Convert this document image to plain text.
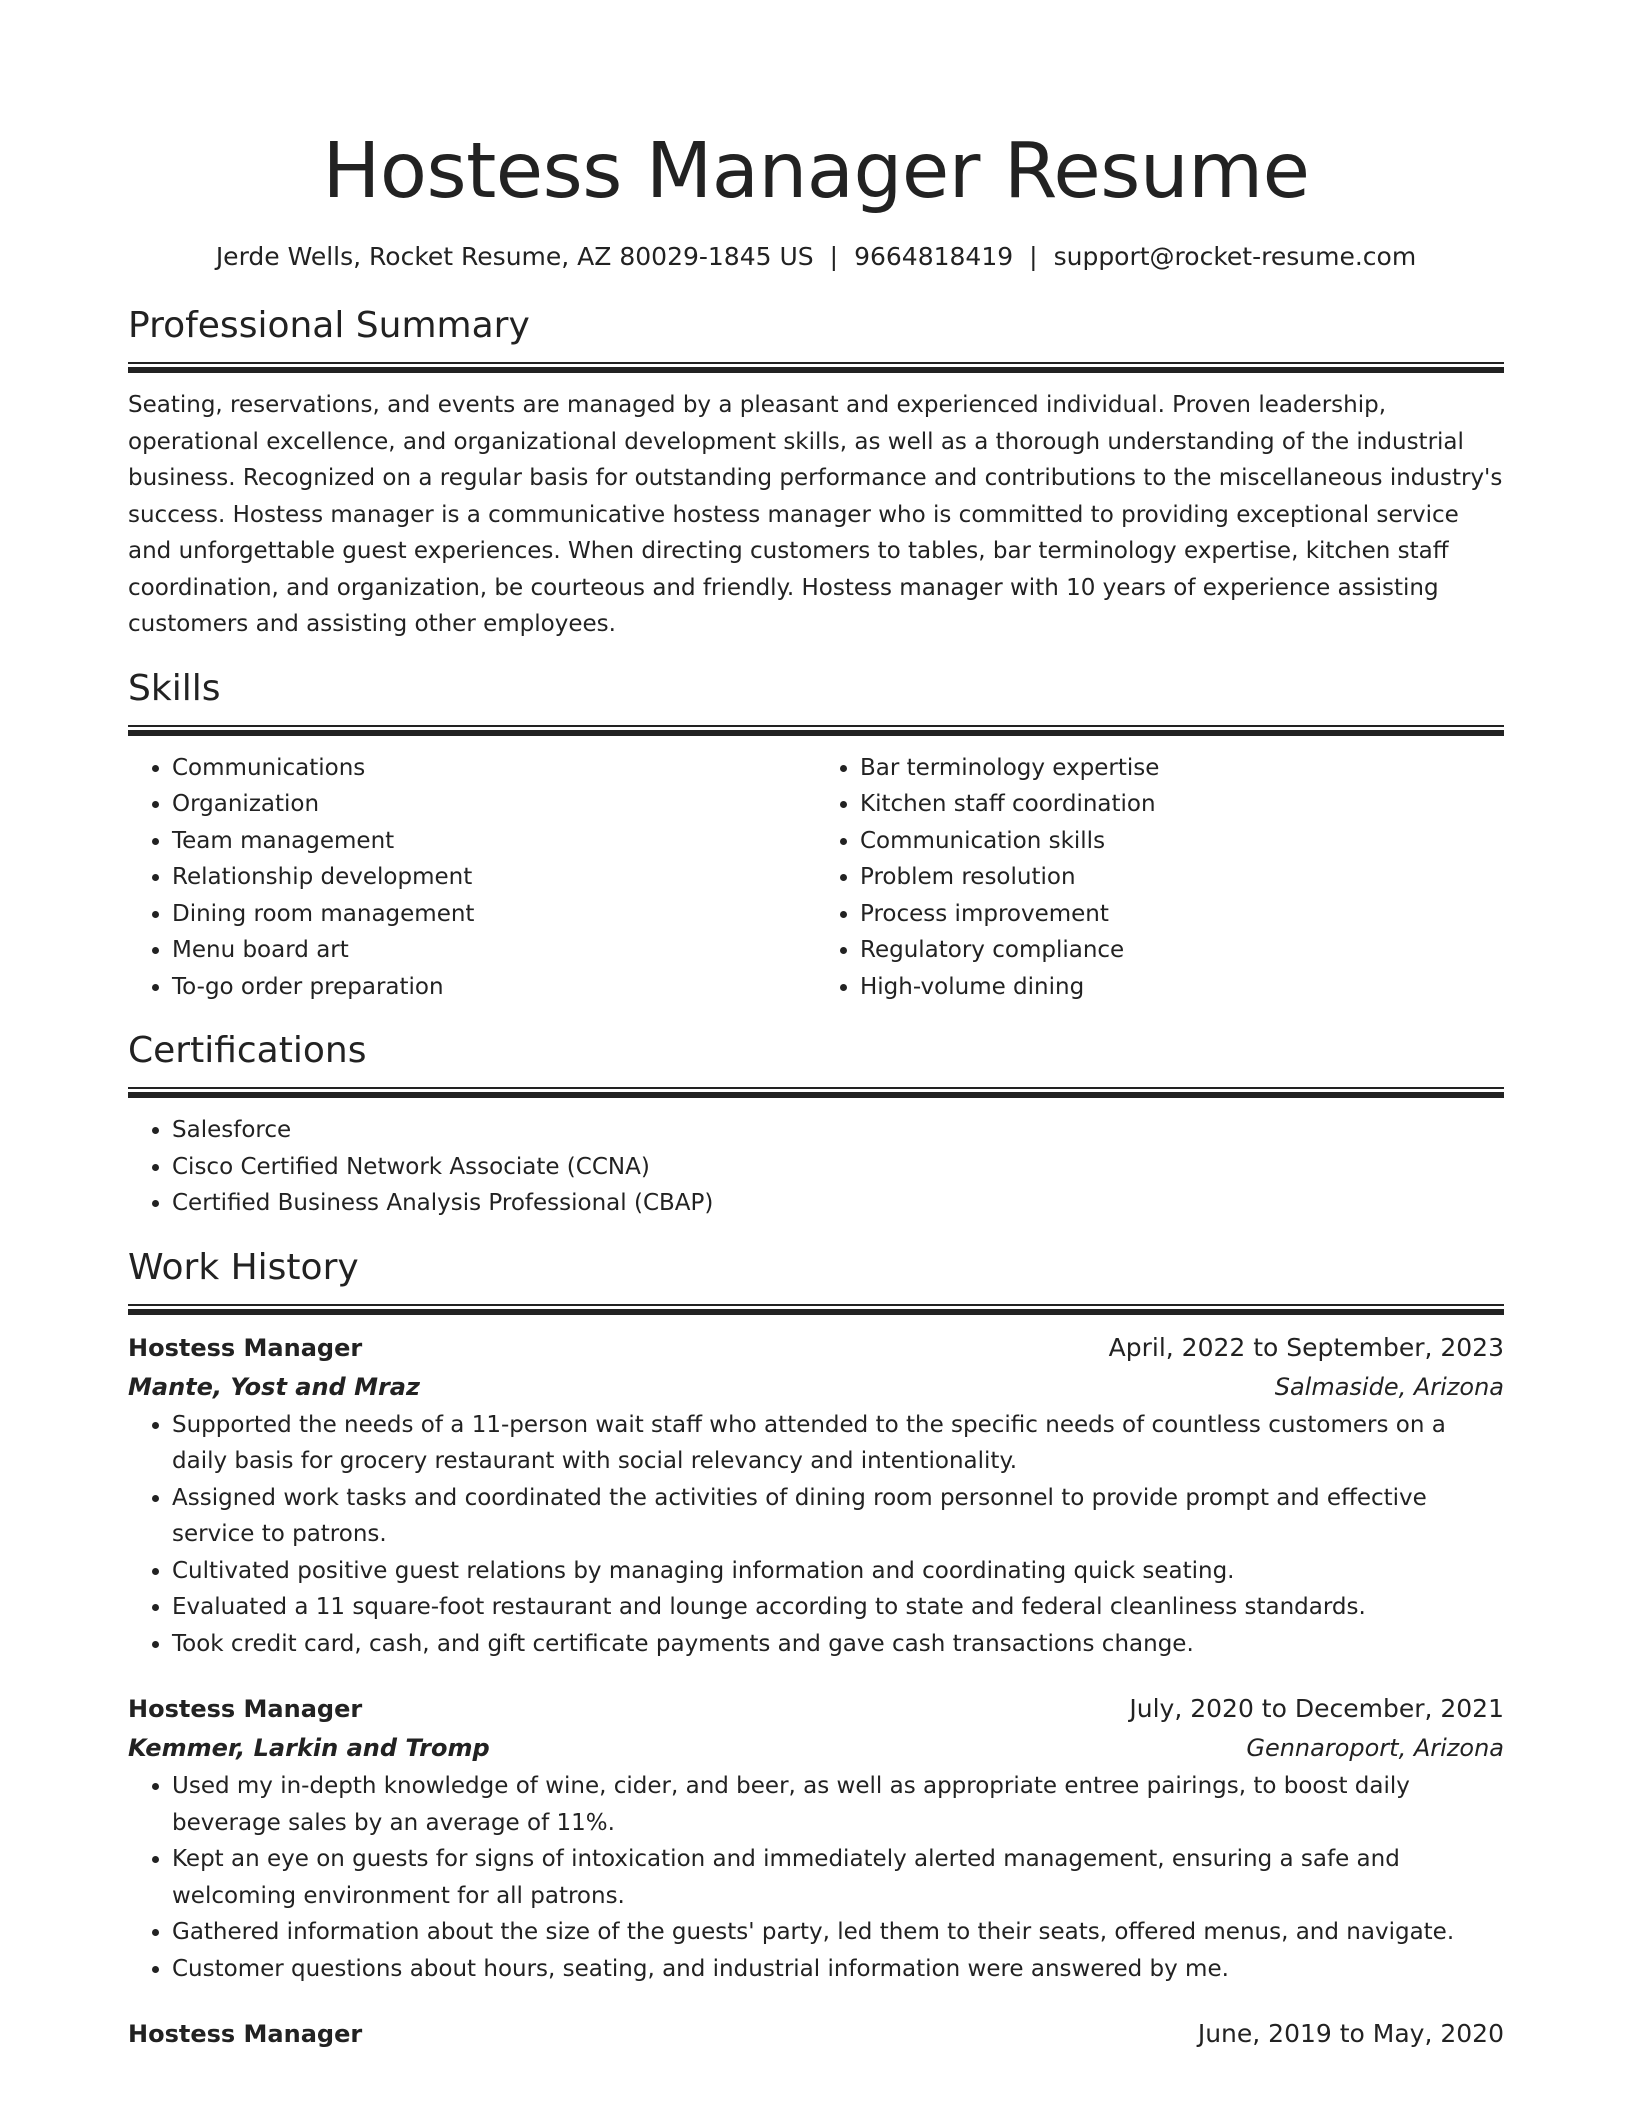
Hostess Manager Resume
Jerde Wells, Rocket Resume, AZ 80029-1845 US | 9664818419 | support@rocket-resume.com
Professional Summary

Seating, reservations, and events are managed by a pleasant and experienced individual. Proven leadership, operational excellence, and organizational development skills, as well as a thorough understanding of the industrial business. Recognized on a regular basis for outstanding performance and contributions to the miscellaneous industry's success. Hostess manager is a communicative hostess manager who is committed to providing exceptional service and unforgettable guest experiences. When directing customers to tables, bar terminology expertise, kitchen staff coordination, and organization, be courteous and friendly. Hostess manager with 10 years of experience assisting customers and assisting other employees.

Skills
• Communications
• Organization
• Team management
• Relationship development
• Dining room management
• Menu board art
• To-go order preparation
• Bar terminology expertise
• Kitchen staff coordination
• Communication skills
• Problem resolution
• Process improvement
• Regulatory compliance
• High-volume dining
Certifications
• Salesforce
• Cisco Certified Network Associate (CCNA)
• Certified Business Analysis Professional (CBAP)
Work History
Hostess Manager	April, 2022 to September, 2023
Mante, Yost and Mraz	Salmaside, Arizona
• Supported the needs of a 11-person wait staff who attended to the specific needs of countless customers on a daily basis for grocery restaurant with social relevancy and intentionality.
• Assigned work tasks and coordinated the activities of dining room personnel to provide prompt and effective service to patrons.
• Cultivated positive guest relations by managing information and coordinating quick seating.
• Evaluated a 11 square-foot restaurant and lounge according to state and federal cleanliness standards.
• Took credit card, cash, and gift certificate payments and gave cash transactions change.
Hostess Manager	July, 2020 to December, 2021
Kemmer, Larkin and Tromp	Gennaroport, Arizona
• Used my in-depth knowledge of wine, cider, and beer, as well as appropriate entree pairings, to boost daily beverage sales by an average of 11%.
• Kept an eye on guests for signs of intoxication and immediately alerted management, ensuring a safe and welcoming environment for all patrons.
• Gathered information about the size of the guests' party, led them to their seats, offered menus, and navigate.
• Customer questions about hours, seating, and industrial information were answered by me.
Hostess Manager	June, 2019 to May, 2020
